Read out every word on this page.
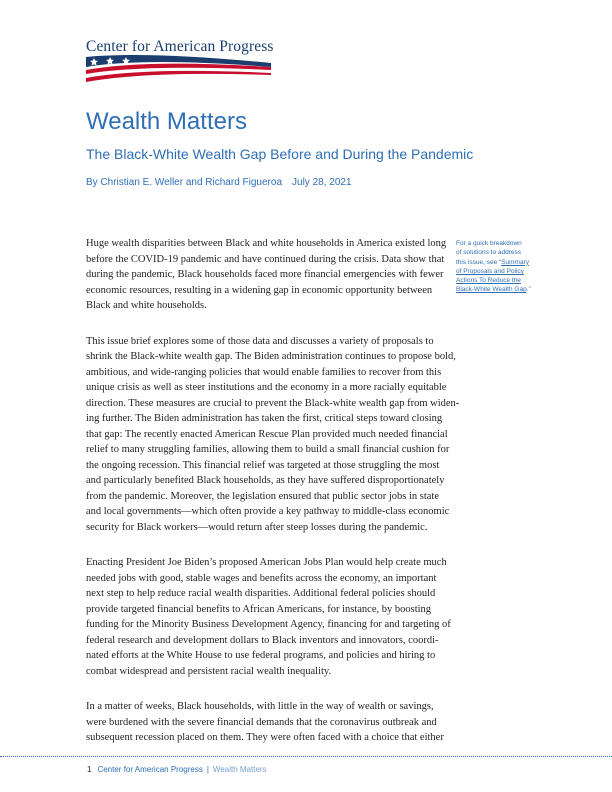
Center for American Progress
Wealth Matters
The Black-White Wealth Gap Before and During the Pandemic
By Christian E. Weller and Richard Figueroa July 28, 2021

Huge wealth disparities between Black and white households in America existed long
before the COVID-19 pandemic and have continued during the crisis. Data show that
during the pandemic, Black households faced more financial emergencies with fewer
economic resources, resulting in a widening gap in economic opportunity between
Black and white households.

This issue brief explores some of those data and discusses a variety of proposals to
shrink the Black-white wealth gap. The Biden administration continues to propose bold,
ambitious, and wide-ranging policies that would enable families to recover from this
unique crisis as well as steer institutions and the economy in a more racially equitable
direction. These measures are crucial to prevent the Black-white wealth gap from widen-
ing further. The Biden administration has taken the first, critical steps toward closing
that gap: The recently enacted American Rescue Plan provided much needed financial
relief to many struggling families, allowing them to build a small financial cushion for
the ongoing recession. This financial relief was targeted at those struggling the most
and particularly benefited Black households, as they have suffered disproportionately
from the pandemic. Moreover, the legislation ensured that public sector jobs in state
and local governments—which often provide a key pathway to middle-class economic
security for Black workers—would return after steep losses during the pandemic.

Enacting President Joe Biden’s proposed American Jobs Plan would help create much
needed jobs with good, stable wages and benefits across the economy, an important
next step to help reduce racial wealth disparities. Additional federal policies should
provide targeted financial benefits to African Americans, for instance, by boosting
funding for the Minority Business Development Agency, financing for and targeting of
federal research and development dollars to Black inventors and innovators, coordi-
nated efforts at the White House to use federal programs, and policies and hiring to
combat widespread and persistent racial wealth inequality.

In a matter of weeks, Black households, with little in the way of wealth or savings,
were burdened with the severe financial demands that the coronavirus outbreak and
subsequent recession placed on them. They were often faced with a choice that either

For a quick breakdown
of solutions to address
this issue, see “Summary
of Proposals and Policy
Actions To Reduce the
Black-White Wealth Gap.”
1 Center for American Progress | Wealth Matters
